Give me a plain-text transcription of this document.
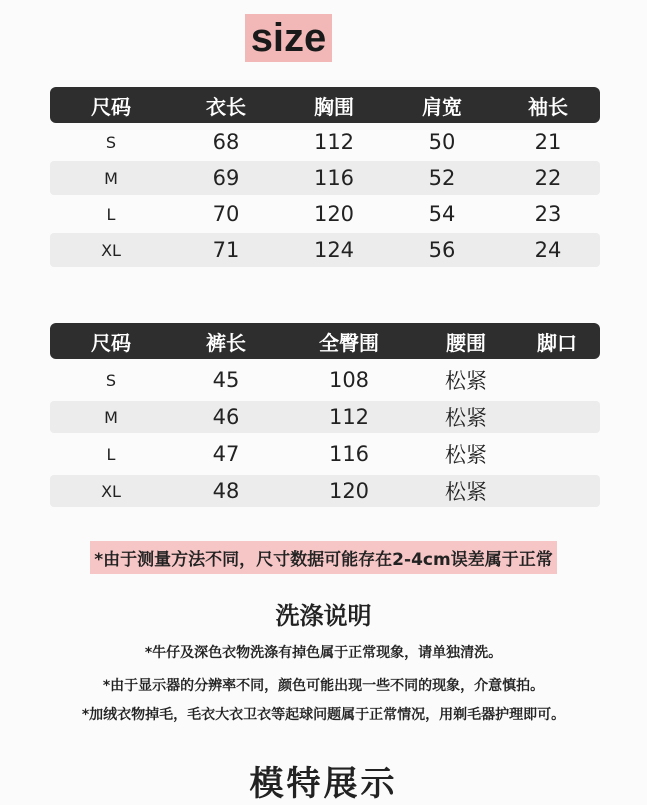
size
尺码	衣长	胸围	肩宽	袖长
S	68	112	50	21
M	69	116	52	22
L	70	120	54	23
XL	71	124	56	24
尺码	裤长	全臀围	腰围	脚口
S	45	108	松紧
M	46	112	松紧
L	47	116	松紧
XL	48	120	松紧
*由于测量方法不同，尺寸数据可能存在2-4cm误差属于正常
洗涤说明
*牛仔及深色衣物洗涤有掉色属于正常现象，请单独清洗。
*由于显示器的分辨率不同，颜色可能出现一些不同的现象，介意慎拍。
*加绒衣物掉毛，毛衣大衣卫衣等起球问题属于正常情况，用剃毛器护理即可。
模特展示
